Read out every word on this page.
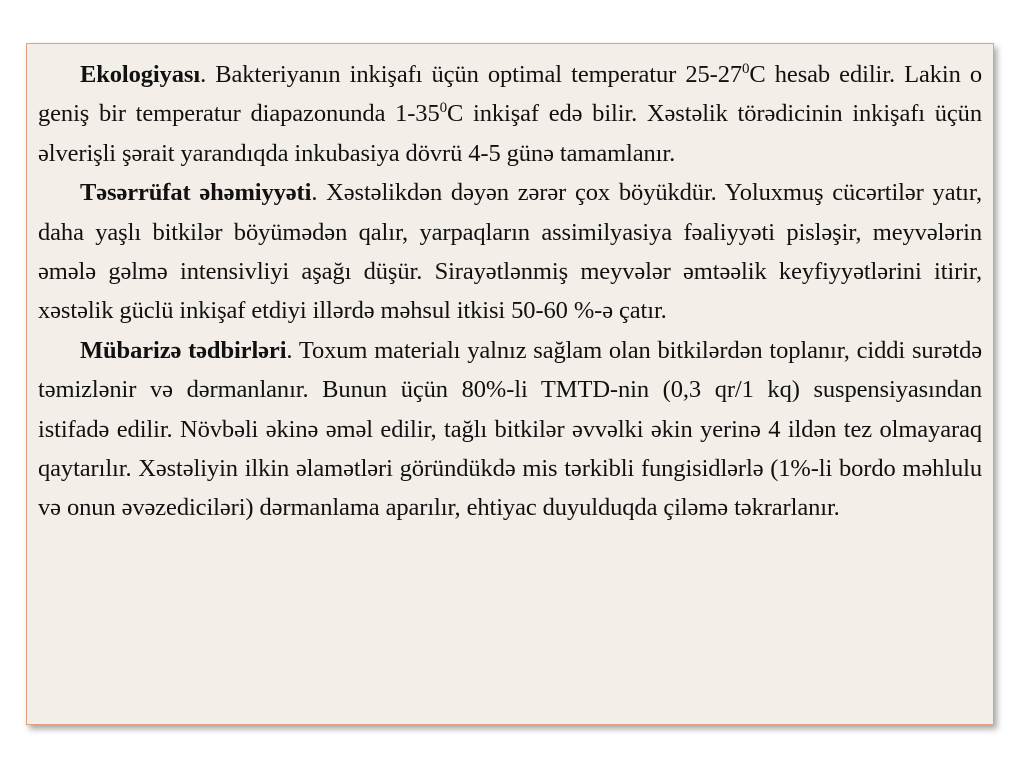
Ekologiyası. Bakteriyanın inkişafı üçün optimal temperatur $25-27^0C$ hesab edilir. Lakin o geniş bir temperatur diapazonunda $1-35^0C$ inkişaf edə bilir. Xəstəlik törədicinin inkişafı üçün əlverişli şərait yarandıqda inkubasiya dövrü 4-5 günə tamamlanır.

Təsərrüfat əhəmiyyəti. Xəstəlikdən dəyən zərər çox böyükdür. Yoluxmuş cücərtilər yatır, daha yaşlı bitkilər böyümədən qalır, yarpaqların assimilyasiya fəaliyyəti pisləşir, meyvələrin əmələ gəlmə intensivliyi aşağı düşür. Sirayətlənmiş meyvələr əmtəəlik keyfiyyətlərini itirir, xəstəlik güclü inkişaf etdiyi illərdə məhsul itkisi 50-60 %-ə çatır.

Mübarizə tədbirləri. Toxum materialı yalnız sağlam olan bitkilərdən toplanır, ciddi surətdə təmizlənir və dərmanlanır. Bunun üçün 80%-li TMTD-nin (0,3 qr/1 kq) suspensiyasından istifadə edilir. Növbəli əkinə əməl edilir, tağlı bitkilər əvvəlki əkin yerinə 4 ildən tez olmayaraq qaytarılır. Xəstəliyin ilkin əlamətləri göründükdə mis tərkibli fungisidlərlə (1%-li bordo məhlulu və onun əvəzediciləri) dərmanlama aparılır, ehtiyac duyulduqda çiləmə təkrarlanır.
